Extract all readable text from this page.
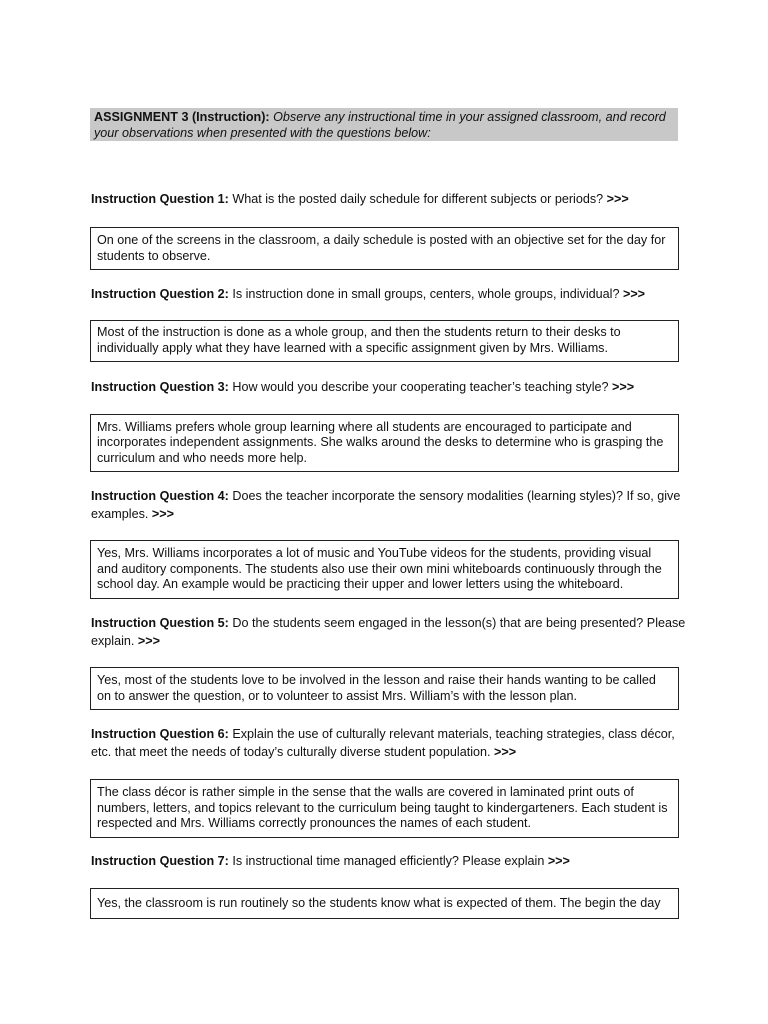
ASSIGNMENT 3 (Instruction): Observe any instructional time in your assigned classroom, and record your observations when presented with the questions below:
Instruction Question 1: What is the posted daily schedule for different subjects or periods? >>>
On one of the screens in the classroom, a daily schedule is posted with an objective set for the day for students to observe.
Instruction Question 2: Is instruction done in small groups, centers, whole groups, individual? >>>
Most of the instruction is done as a whole group, and then the students return to their desks to individually apply what they have learned with a specific assignment given by Mrs. Williams.
Instruction Question 3: How would you describe your cooperating teacher’s teaching style? >>>
Mrs. Williams prefers whole group learning where all students are encouraged to participate and incorporates independent assignments. She walks around the desks to determine who is grasping the curriculum and who needs more help.
Instruction Question 4: Does the teacher incorporate the sensory modalities (learning styles)? If so, give examples. >>>
Yes, Mrs. Williams incorporates a lot of music and YouTube videos for the students, providing visual and auditory components. The students also use their own mini whiteboards continuously through the school day. An example would be practicing their upper and lower letters using the whiteboard.
Instruction Question 5: Do the students seem engaged in the lesson(s) that are being presented? Please explain. >>>
Yes, most of the students love to be involved in the lesson and raise their hands wanting to be called on to answer the question, or to volunteer to assist Mrs. William’s with the lesson plan.
Instruction Question 6: Explain the use of culturally relevant materials, teaching strategies, class décor, etc. that meet the needs of today’s culturally diverse student population. >>>
The class décor is rather simple in the sense that the walls are covered in laminated print outs of numbers, letters, and topics relevant to the curriculum being taught to kindergarteners. Each student is respected and Mrs. Williams correctly pronounces the names of each student.
Instruction Question 7: Is instructional time managed efficiently? Please explain >>>
Yes, the classroom is run routinely so the students know what is expected of them. The begin the day
